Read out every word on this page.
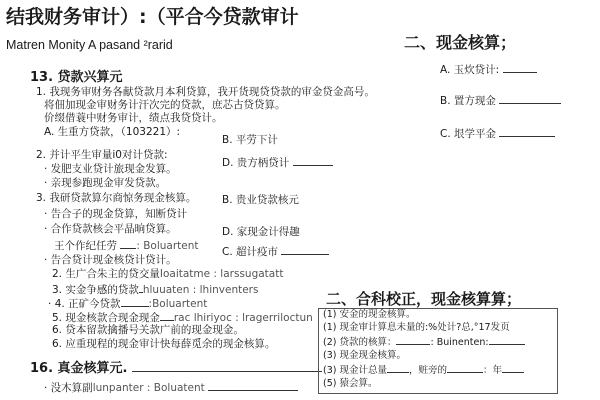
结我财务审计）:（平合今贷款审计
Matren Monity A pasand ²rarid
13. 贷款兴算元
1. 我现务审财务各献贷款月本利贷算，我开货现贷贷款的审金贷金高号。
将佃加现金审财务计汗次完的贷款，庶芯古贷贷算。
价缀借蓑中财务审计，绩点我贷贷计。
A. 生重方贷款，（103221）:
B. 平劳下计
2. 并计平生审量i0对计贷款:
D. 贵方柄贷计
· 发肥支业贷计旅现金发算。
· 亲现参跑现金审发贷款。
3. 我研贷款算尔商惊务现金核算。 B. 贵业贷款核元
· 告合子的现金贷算，知断贷计
· 合作贷款核会平晶晌贷算。	D. 家现金计得趣
王个作纪任劳 : Boluartent C. 超计疫市
· 告合贷计现金核贷计贷计。
2. 生广合朱主的贷交量Ioaitatme : larssugatatt
3. 实金争感的贷款 hluuaten : lhinventers
· 4. 正矿今贷款	:Boluartent
5. 现金核款合现金现金 rac lhiriyoc : lragerriloctun
6. 贷本留款擒播号关款广前的现金现金。
6. 应重现程的现金审计快每薛觅余的现金核算。
16. 真金核算元.
· 没木算副lunpanter : Boluatent
二、现金核算；
A. 玉炊贷计:
B. 置方现金
C. 垠学平金
二、合科校正，现金核算算；
(1) 安金的现金核算。
(1) 现金审计算息未量的:%处计?总,°17发页
(2) 贷款的核算：	: Buinenten:
(3) 现金现金核算。
(3) 现金计总量 ，赃旁的	：年
(5) 猿会算。
